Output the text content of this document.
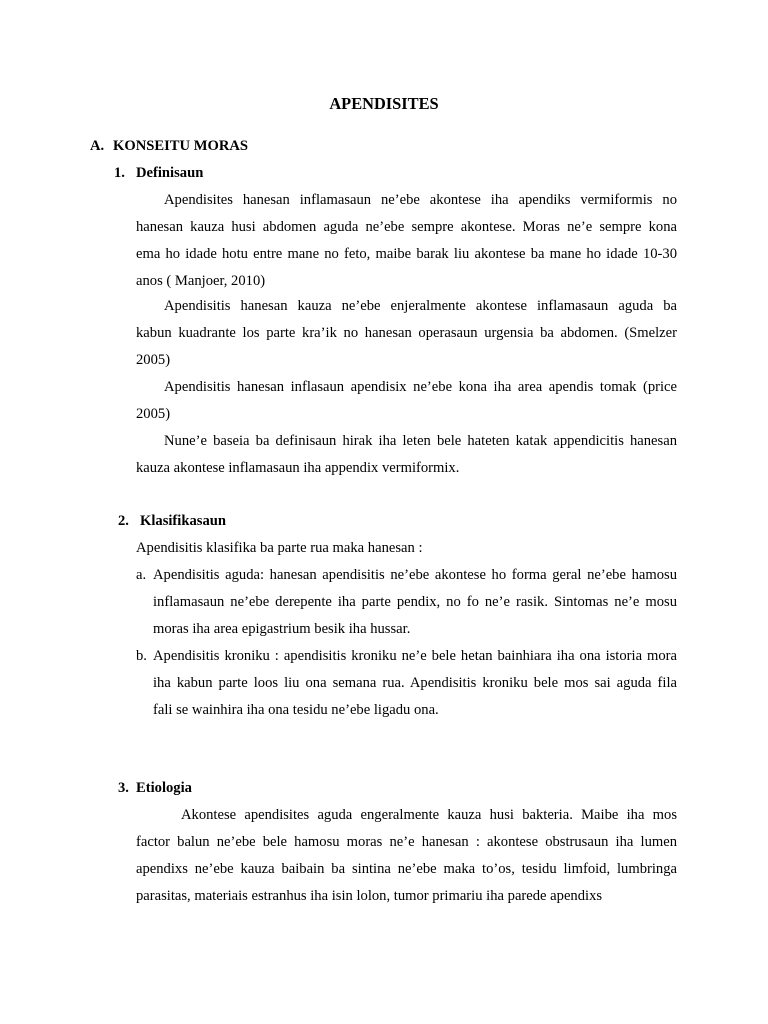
APENDISITES
A. KONSEITU MORAS
1. Definisaun
Apendisites hanesan inflamasaun ne’ebe akontese iha apendiks vermiformis no
hanesan kauza husi abdomen aguda ne’ebe sempre akontese. Moras ne’e sempre kona
ema ho idade hotu entre mane no feto, maibe barak liu akontese ba mane ho idade 10-30
anos ( Manjoer, 2010)
Apendisitis hanesan kauza ne’ebe enjeralmente akontese inflamasaun aguda ba
kabun kuadrante los parte kra’ik no hanesan operasaun urgensia ba abdomen. (Smelzer
2005)
Apendisitis hanesan inflasaun apendisix ne’ebe kona iha area apendis tomak (price
2005)
Nune’e baseia ba definisaun hirak iha leten bele hateten katak appendicitis hanesan
kauza akontese inflamasaun iha appendix vermiformix.
2. Klasifikasaun
Apendisitis klasifika ba parte rua maka hanesan :
a. Apendisitis aguda: hanesan apendisitis ne’ebe akontese ho forma geral ne’ebe hamosu
inflamasaun ne’ebe derepente iha parte pendix, no fo ne’e rasik. Sintomas ne’e mosu
moras iha area epigastrium besik iha hussar.
b. Apendisitis kroniku : apendisitis kroniku ne’e bele hetan bainhiara iha ona istoria mora
iha kabun parte loos liu ona semana rua. Apendisitis kroniku bele mos sai aguda fila
fali se wainhira iha ona tesidu ne’ebe ligadu ona.
3. Etiologia
Akontese apendisites aguda engeralmente kauza husi bakteria. Maibe iha mos
factor balun ne’ebe bele hamosu moras ne’e hanesan : akontese obstrusaun iha lumen
apendixs ne’ebe kauza baibain ba sintina ne’ebe maka to’os, tesidu limfoid, lumbringa
parasitas, materiais estranhus iha isin lolon, tumor primariu iha parede apendixs
